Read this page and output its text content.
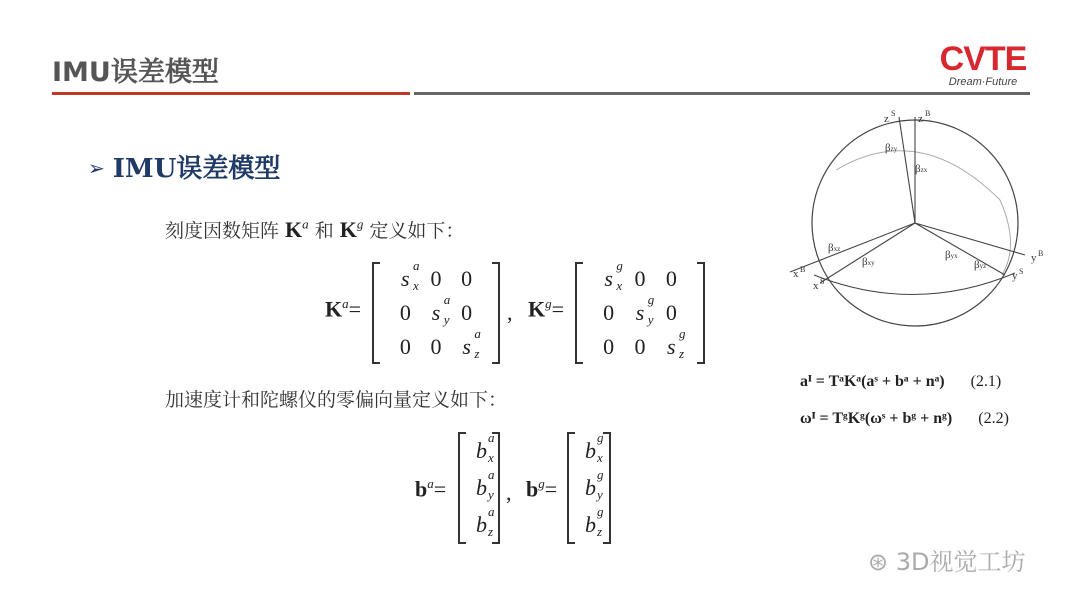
IMU误差模型	CVTE
Dream·Future
➢ IMU误差模型
刻度因数矩阵 $K^a$ 和 $K^g$ 定义如下：
$K^a=$
s
a
x 0 0
0 s
a
y 0
0 0 s
a
z
, $K^g=$
s
g
x 0 0
0 s
g
y 0
0 0 s
g
z
加速度计和陀螺仪的零偏向量定义如下：
$b^a=$
b
a
x
b
a
y
b
a
z
, $b^g=$
b
g
x
b
g
y
b
g
z
z S z B
x B
x S
y B
y S
βzy
βzx
βxz
βxy
βyx
βyz
aᴵ = TᵃKᵃ(aˢ + bᵃ + nᵃ) (2.1)
ωᴵ = TᵍKᵍ(ωˢ + bᵍ + nᵍ) (2.2)
⊛ 3D视觉工坊
